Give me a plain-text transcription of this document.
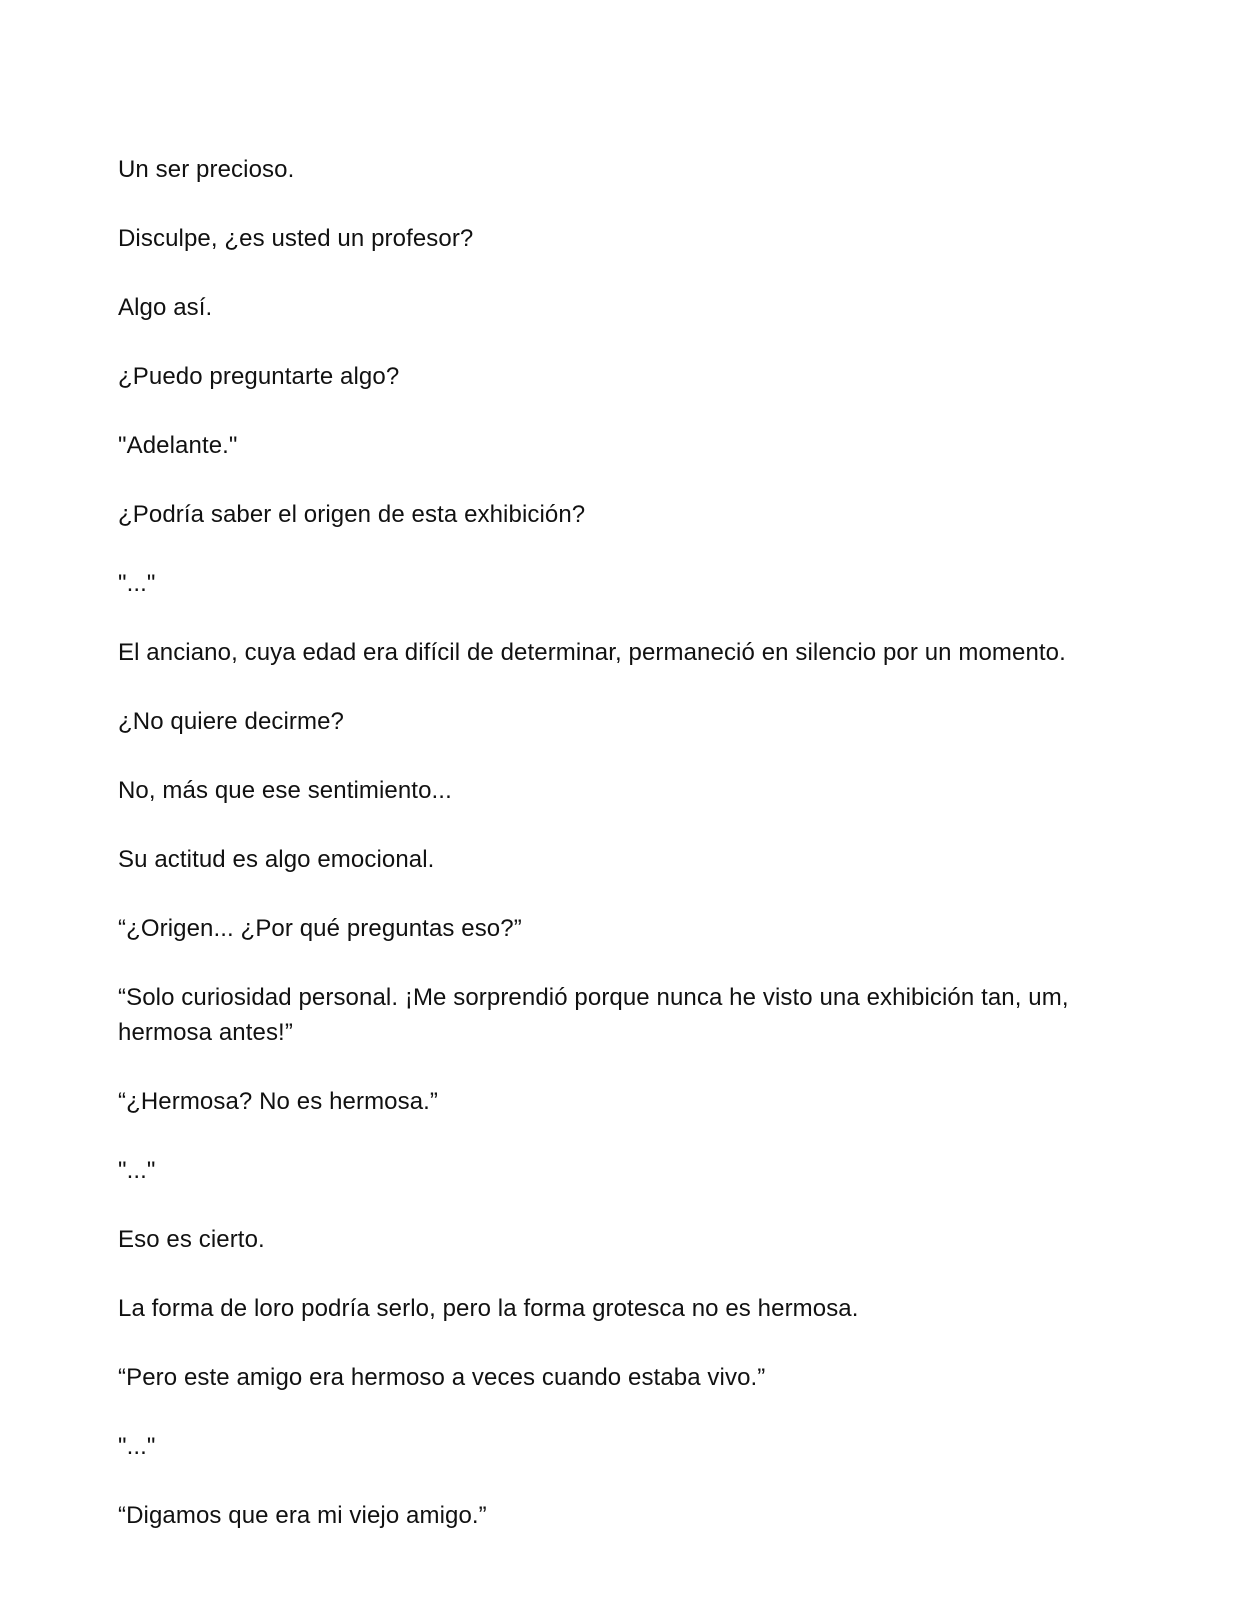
Un ser precioso.

Disculpe, ¿es usted un profesor?

Algo así.

¿Puedo preguntarte algo?

"Adelante."

¿Podría saber el origen de esta exhibición?

"..."

El anciano, cuya edad era difícil de determinar, permaneció en silencio por un momento.

¿No quiere decirme?

No, más que ese sentimiento...

Su actitud es algo emocional.

“¿Origen... ¿Por qué preguntas eso?”

“Solo curiosidad personal. ¡Me sorprendió porque nunca he visto una exhibición tan, um, hermosa antes!”

“¿Hermosa? No es hermosa.”

"..."

Eso es cierto.

La forma de loro podría serlo, pero la forma grotesca no es hermosa.

“Pero este amigo era hermoso a veces cuando estaba vivo.”

"..."

“Digamos que era mi viejo amigo.”
